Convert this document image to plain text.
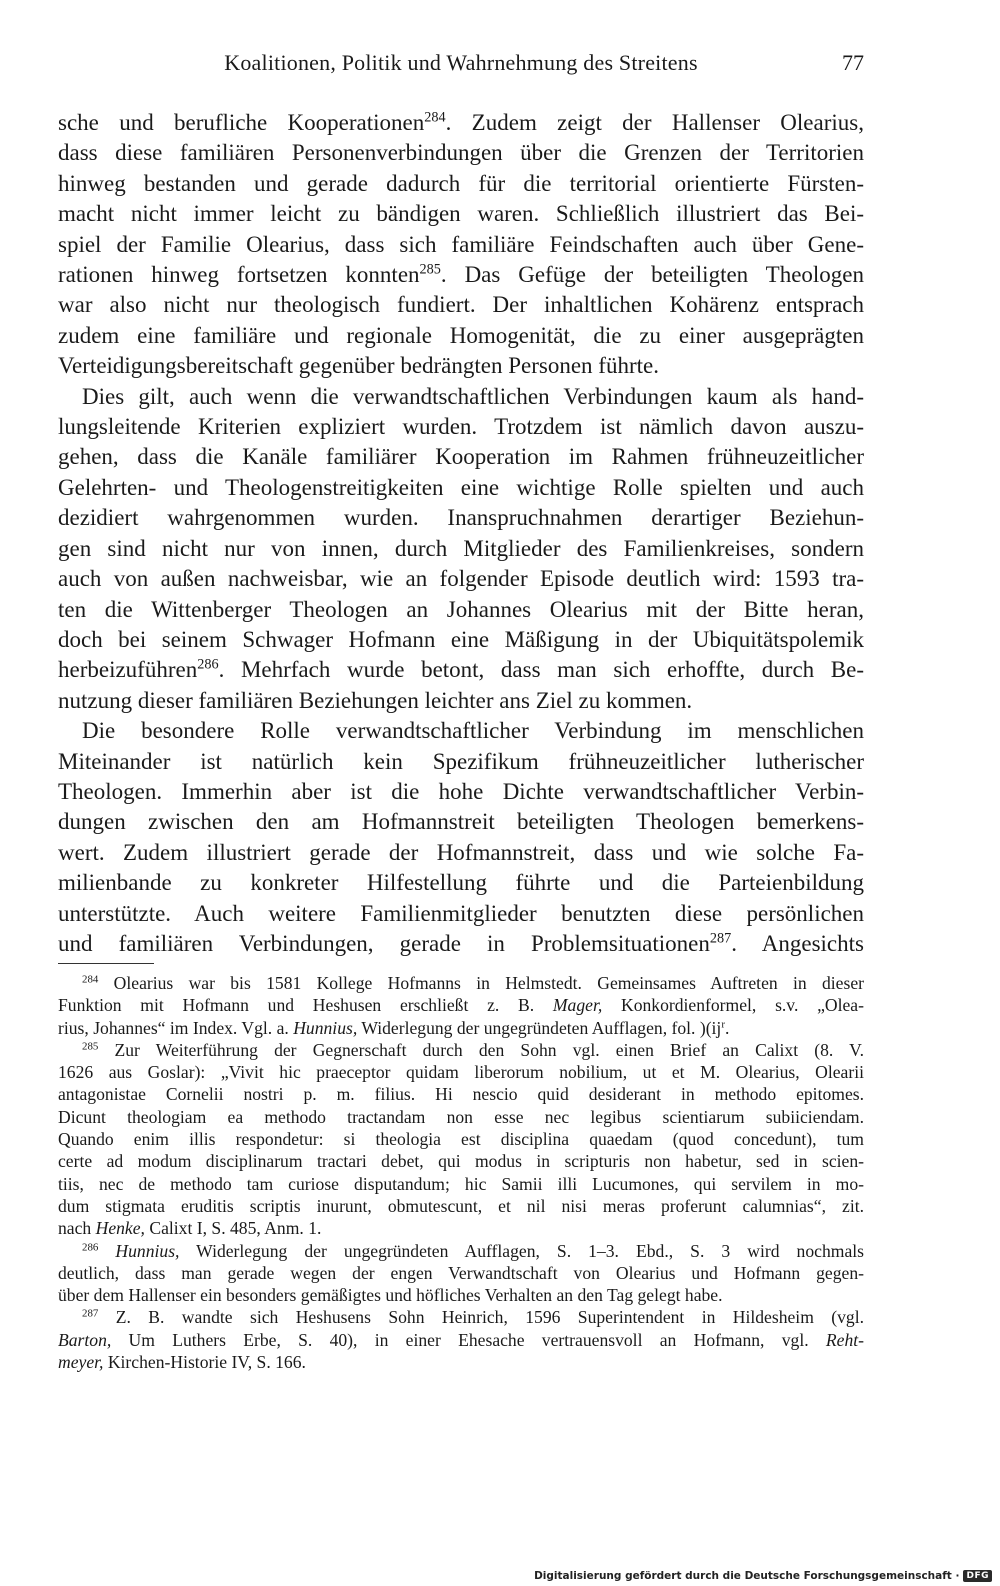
Koalitionen, Politik und Wahrnehmung des Streitens	77

sche und berufliche Kooperationen$^{284}$. Zudem zeigt der Hallenser Olearius,
dass diese familiären Personenverbindungen über die Grenzen der Territorien
hinweg bestanden und gerade dadurch für die territorial orientierte Fürsten-
macht nicht immer leicht zu bändigen waren. Schließlich illustriert das Bei-
spiel der Familie Olearius, dass sich familiäre Feindschaften auch über Gene-
rationen hinweg fortsetzen konnten$^{285}$. Das Gefüge der beteiligten Theologen
war also nicht nur theologisch fundiert. Der inhaltlichen Kohärenz entsprach
zudem eine familiäre und regionale Homogenität, die zu einer ausgeprägten
Verteidigungsbereitschaft gegenüber bedrängten Personen führte.

Dies gilt, auch wenn die verwandtschaftlichen Verbindungen kaum als hand-
lungsleitende Kriterien expliziert wurden. Trotzdem ist nämlich davon auszu-
gehen, dass die Kanäle familiärer Kooperation im Rahmen frühneuzeitlicher
Gelehrten- und Theologenstreitigkeiten eine wichtige Rolle spielten und auch
dezidiert wahrgenommen wurden. Inanspruchnahmen derartiger Beziehun-
gen sind nicht nur von innen, durch Mitglieder des Familienkreises, sondern
auch von außen nachweisbar, wie an folgender Episode deutlich wird: 1593 tra-
ten die Wittenberger Theologen an Johannes Olearius mit der Bitte heran,
doch bei seinem Schwager Hofmann eine Mäßigung in der Ubiquitätspolemik
herbeizuführen$^{286}$. Mehrfach wurde betont, dass man sich erhoffte, durch Be-
nutzung dieser familiären Beziehungen leichter ans Ziel zu kommen.

Die besondere Rolle verwandtschaftlicher Verbindung im menschlichen
Miteinander ist natürlich kein Spezifikum frühneuzeitlicher lutherischer
Theologen. Immerhin aber ist die hohe Dichte verwandtschaftlicher Verbin-
dungen zwischen den am Hofmannstreit beteiligten Theologen bemerkens-
wert. Zudem illustriert gerade der Hofmannstreit, dass und wie solche Fa-
milienbande zu konkreter Hilfestellung führte und die Parteienbildung
unterstützte. Auch weitere Familienmitglieder benutzten diese persönlichen
und familiären Verbindungen, gerade in Problemsituationen$^{287}$. Angesichts

$^{284}$ Olearius war bis 1581 Kollege Hofmanns in Helmstedt. Gemeinsames Auftreten in dieser
Funktion mit Hofmann und Heshusen erschließt z. B. Mager, Konkordienformel, s.v. „Olea-
rius, Johannes“ im Index. Vgl. a. Hunnius, Widerlegung der ungegründeten Aufflagen, fol. )(ij$^r$.

$^{285}$ Zur Weiterführung der Gegnerschaft durch den Sohn vgl. einen Brief an Calixt (8. V.
1626 aus Goslar): „Vivit hic praeceptor quidam liberorum nobilium, ut et M. Olearius, Olearii
antagonistae Cornelii nostri p. m. filius. Hi nescio quid desiderant in methodo epitomes.
Dicunt theologiam ea methodo tractandam non esse nec legibus scientiarum subiiciendam.
Quando enim illis respondetur: si theologia est disciplina quaedam (quod concedunt), tum
certe ad modum disciplinarum tractari debet, qui modus in scripturis non habetur, sed in scien-
tiis, nec de methodo tam curiose disputandum; hic Samii illi Lucumones, qui servilem in mo-
dum stigmata eruditis scriptis inurunt, obmutescunt, et nil nisi meras proferunt calumnias“, zit.
nach Henke, Calixt I, S. 485, Anm. 1.

$^{286}$ Hunnius, Widerlegung der ungegründeten Aufflagen, S. 1–3. Ebd., S. 3 wird nochmals
deutlich, dass man gerade wegen der engen Verwandtschaft von Olearius und Hofmann gegen-
über dem Hallenser ein besonders gemäßigtes und höfliches Verhalten an den Tag gelegt habe.

$^{287}$ Z. B. wandte sich Heshusens Sohn Heinrich, 1596 Superintendent in Hildesheim (vgl.
Barton, Um Luthers Erbe, S. 40), in einer Ehesache vertrauensvoll an Hofmann, vgl. Reht-
meyer, Kirchen-Historie IV, S. 166.

Digitalisierung gefördert durch die Deutsche Forschungsgemeinschaft · DFG
